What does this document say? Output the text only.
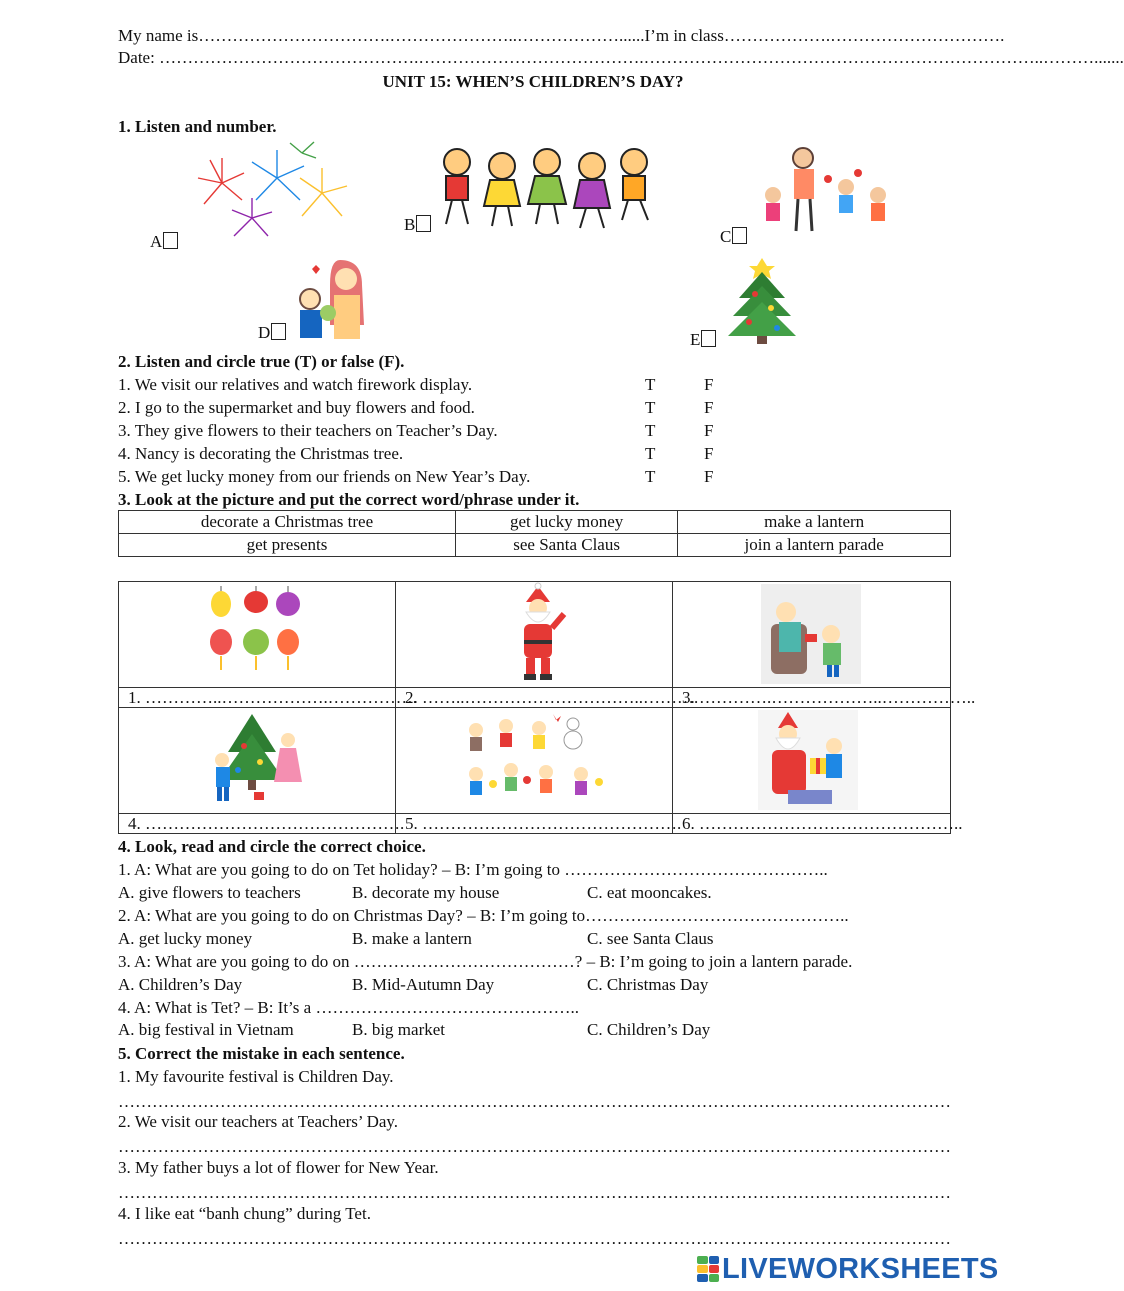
My name is…………………………….…………………..………………......I’m in class……………….………………………….
Date: ……………………………………….………………………………….……………………………………………………………..……….......
UNIT 15: WHEN’S CHILDREN’S DAY?
1. Listen and number.
A
B
C
D	E
2. Listen and circle true (T) or false (F).
1. We visit our relatives and watch firework display.	T	F
2. I go to the supermarket and buy flowers and food.	T	F
3. They give flowers to their teachers on Teacher’s Day.	T	F
4. Nancy is decorating the Christmas tree.	T	F
5. We get lucky money from our friends on New Year’s Day.	T	F
3. Look at the picture and put the correct word/phrase under it.
decorate a Christmas tree	get lucky money	make a lantern
get presents	see Santa Claus	join a lantern parade
1. …………..……………….…………….
2. ……..…………………………..……….
3. ………….………………..……………..
4. ………………………………………. 5. ………………………………………. 6. ………………………………………..
4. Look, read and circle the correct choice.
1. A: What are you going to do on Tet holiday? – B: I’m going to ………………………………………..
A. give flowers to teachers	B. decorate my house	C. eat mooncakes.
2. A: What are you going to do on Christmas Day? – B: I’m going to………………………………………..
A. get lucky money	B. make a lantern	C. see Santa Claus
3. A: What are you going to do on …………………………………? – B: I’m going to join a lantern parade.
A. Children’s Day	B. Mid-Autumn Day	C. Christmas Day
4. A: What is Tet? – B: It’s a ………………………………………..
A. big festival in Vietnam	B. big market	C. Children’s Day
5. Correct the mistake in each sentence.
1. My favourite festival is Children Day.
…………………………………………………………………………………………………………………………………
2. We visit our teachers at Teachers’ Day.
…………………………………………………………………………………………………………………………………
3. My father buys a lot of flower for New Year.
…………………………………………………………………………………………………………………………………
4. I like eat “banh chung” during Tet.
…………………………………………………………………………………………………………………………………
LIVEWORKSHEETS
